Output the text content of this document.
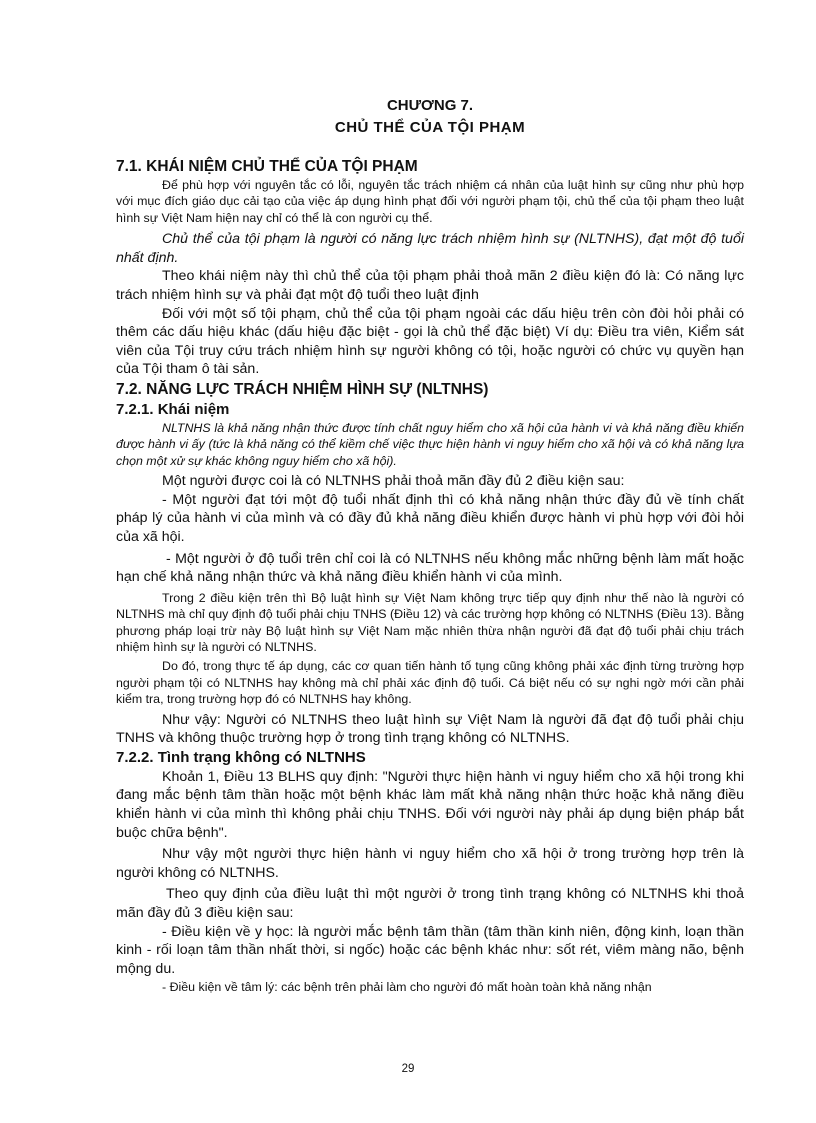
CHƯƠNG 7.
CHỦ THỂ CỦA TỘI PHẠM
7.1. KHÁI NIỆM CHỦ THỂ CỦA TỘI PHẠM

Để phù hợp với nguyên tắc có lỗi, nguyên tắc trách nhiệm cá nhân của luật hình sự cũng như phù hợp với mục đích giáo dục cải tạo của việc áp dụng hình phạt đối với người phạm tội, chủ thể của tội phạm theo luật hình sự Việt Nam hiện nay chỉ có thể là con người cụ thể.

Chủ thể của tội phạm là người có năng lực trách nhiệm hình sự (NLTNHS), đạt một độ tuổi nhất định.

Theo khái niệm này thì chủ thể của tội phạm phải thoả mãn 2 điều kiện đó là: Có năng lực trách nhiệm hình sự và phải đạt một độ tuổi theo luật định

Đối với một số tội phạm, chủ thể của tội phạm ngoài các dấu hiệu trên còn đòi hỏi phải có thêm các dấu hiệu khác (dấu hiệu đặc biệt - gọi là chủ thể đặc biệt) Ví dụ: Điều tra viên, Kiểm sát viên của Tội truy cứu trách nhiệm hình sự người không có tội, hoặc người có chức vụ quyền hạn của Tội tham ô tài sản.

7.2. NĂNG LỰC TRÁCH NHIỆM HÌNH SỰ (NLTNHS)
7.2.1. Khái niệm

NLTNHS là khả năng nhận thức được tính chất nguy hiểm cho xã hội của hành vi và khả năng điều khiển được hành vi ấy (tức là khả năng có thể kiềm chế việc thực hiện hành vi nguy hiểm cho xã hội và có khả năng lựa chọn một xử sự khác không nguy hiểm cho xã hội).

Một người được coi là có NLTNHS phải thoả mãn đầy đủ 2 điều kiện sau:

- Một người đạt tới một độ tuổi nhất định thì có khả năng nhận thức đầy đủ về tính chất pháp lý của hành vi của mình và có đầy đủ khả năng điều khiển được hành vi phù hợp với đòi hỏi của xã hội.

- Một người ở độ tuổi trên chỉ coi là có NLTNHS nếu không mắc những bệnh làm mất hoặc hạn chế khả năng nhận thức và khả năng điều khiển hành vi của mình.

Trong 2 điều kiện trên thì Bộ luật hình sự Việt Nam không trực tiếp quy định như thế nào là người có NLTNHS mà chỉ quy định độ tuổi phải chịu TNHS (Điều 12) và các trường hợp không có NLTNHS (Điều 13). Bằng phương pháp loại trừ này Bộ luật hình sự Việt Nam mặc nhiên thừa nhận người đã đạt độ tuổi phải chịu trách nhiệm hình sự là người có NLTNHS.

Do đó, trong thực tế áp dụng, các cơ quan tiến hành tố tụng cũng không phải xác định từng trường hợp người phạm tội có NLTNHS hay không mà chỉ phải xác định độ tuổi. Cá biệt nếu có sự nghi ngờ mới cần phải kiểm tra, trong trường hợp đó có NLTNHS hay không.

Như vậy: Người có NLTNHS theo luật hình sự Việt Nam là người đã đạt độ tuổi phải chịu TNHS và không thuộc trường hợp ở trong tình trạng không có NLTNHS.

7.2.2. Tình trạng không có NLTNHS

Khoản 1, Điều 13 BLHS quy định: "Người thực hiện hành vi nguy hiểm cho xã hội trong khi đang mắc bệnh tâm thần hoặc một bệnh khác làm mất khả năng nhận thức hoặc khả năng điều khiển hành vi của mình thì không phải chịu TNHS. Đối với người này phải áp dụng biện pháp bắt buộc chữa bệnh".

Như vậy một người thực hiện hành vi nguy hiểm cho xã hội ở trong trường hợp trên là người không có NLTNHS.

Theo quy định của điều luật thì một người ở trong tình trạng không có NLTNHS khi thoả mãn đầy đủ 3 điều kiện sau:

- Điều kiện về y học: là người mắc bệnh tâm thần (tâm thần kinh niên, động kinh, loạn thần kinh - rối loạn tâm thần nhất thời, si ngốc) hoặc các bệnh khác như: sốt rét, viêm màng não, bệnh mộng du.

- Điều kiện về tâm lý: các bệnh trên phải làm cho người đó mất hoàn toàn khả năng nhận

29
